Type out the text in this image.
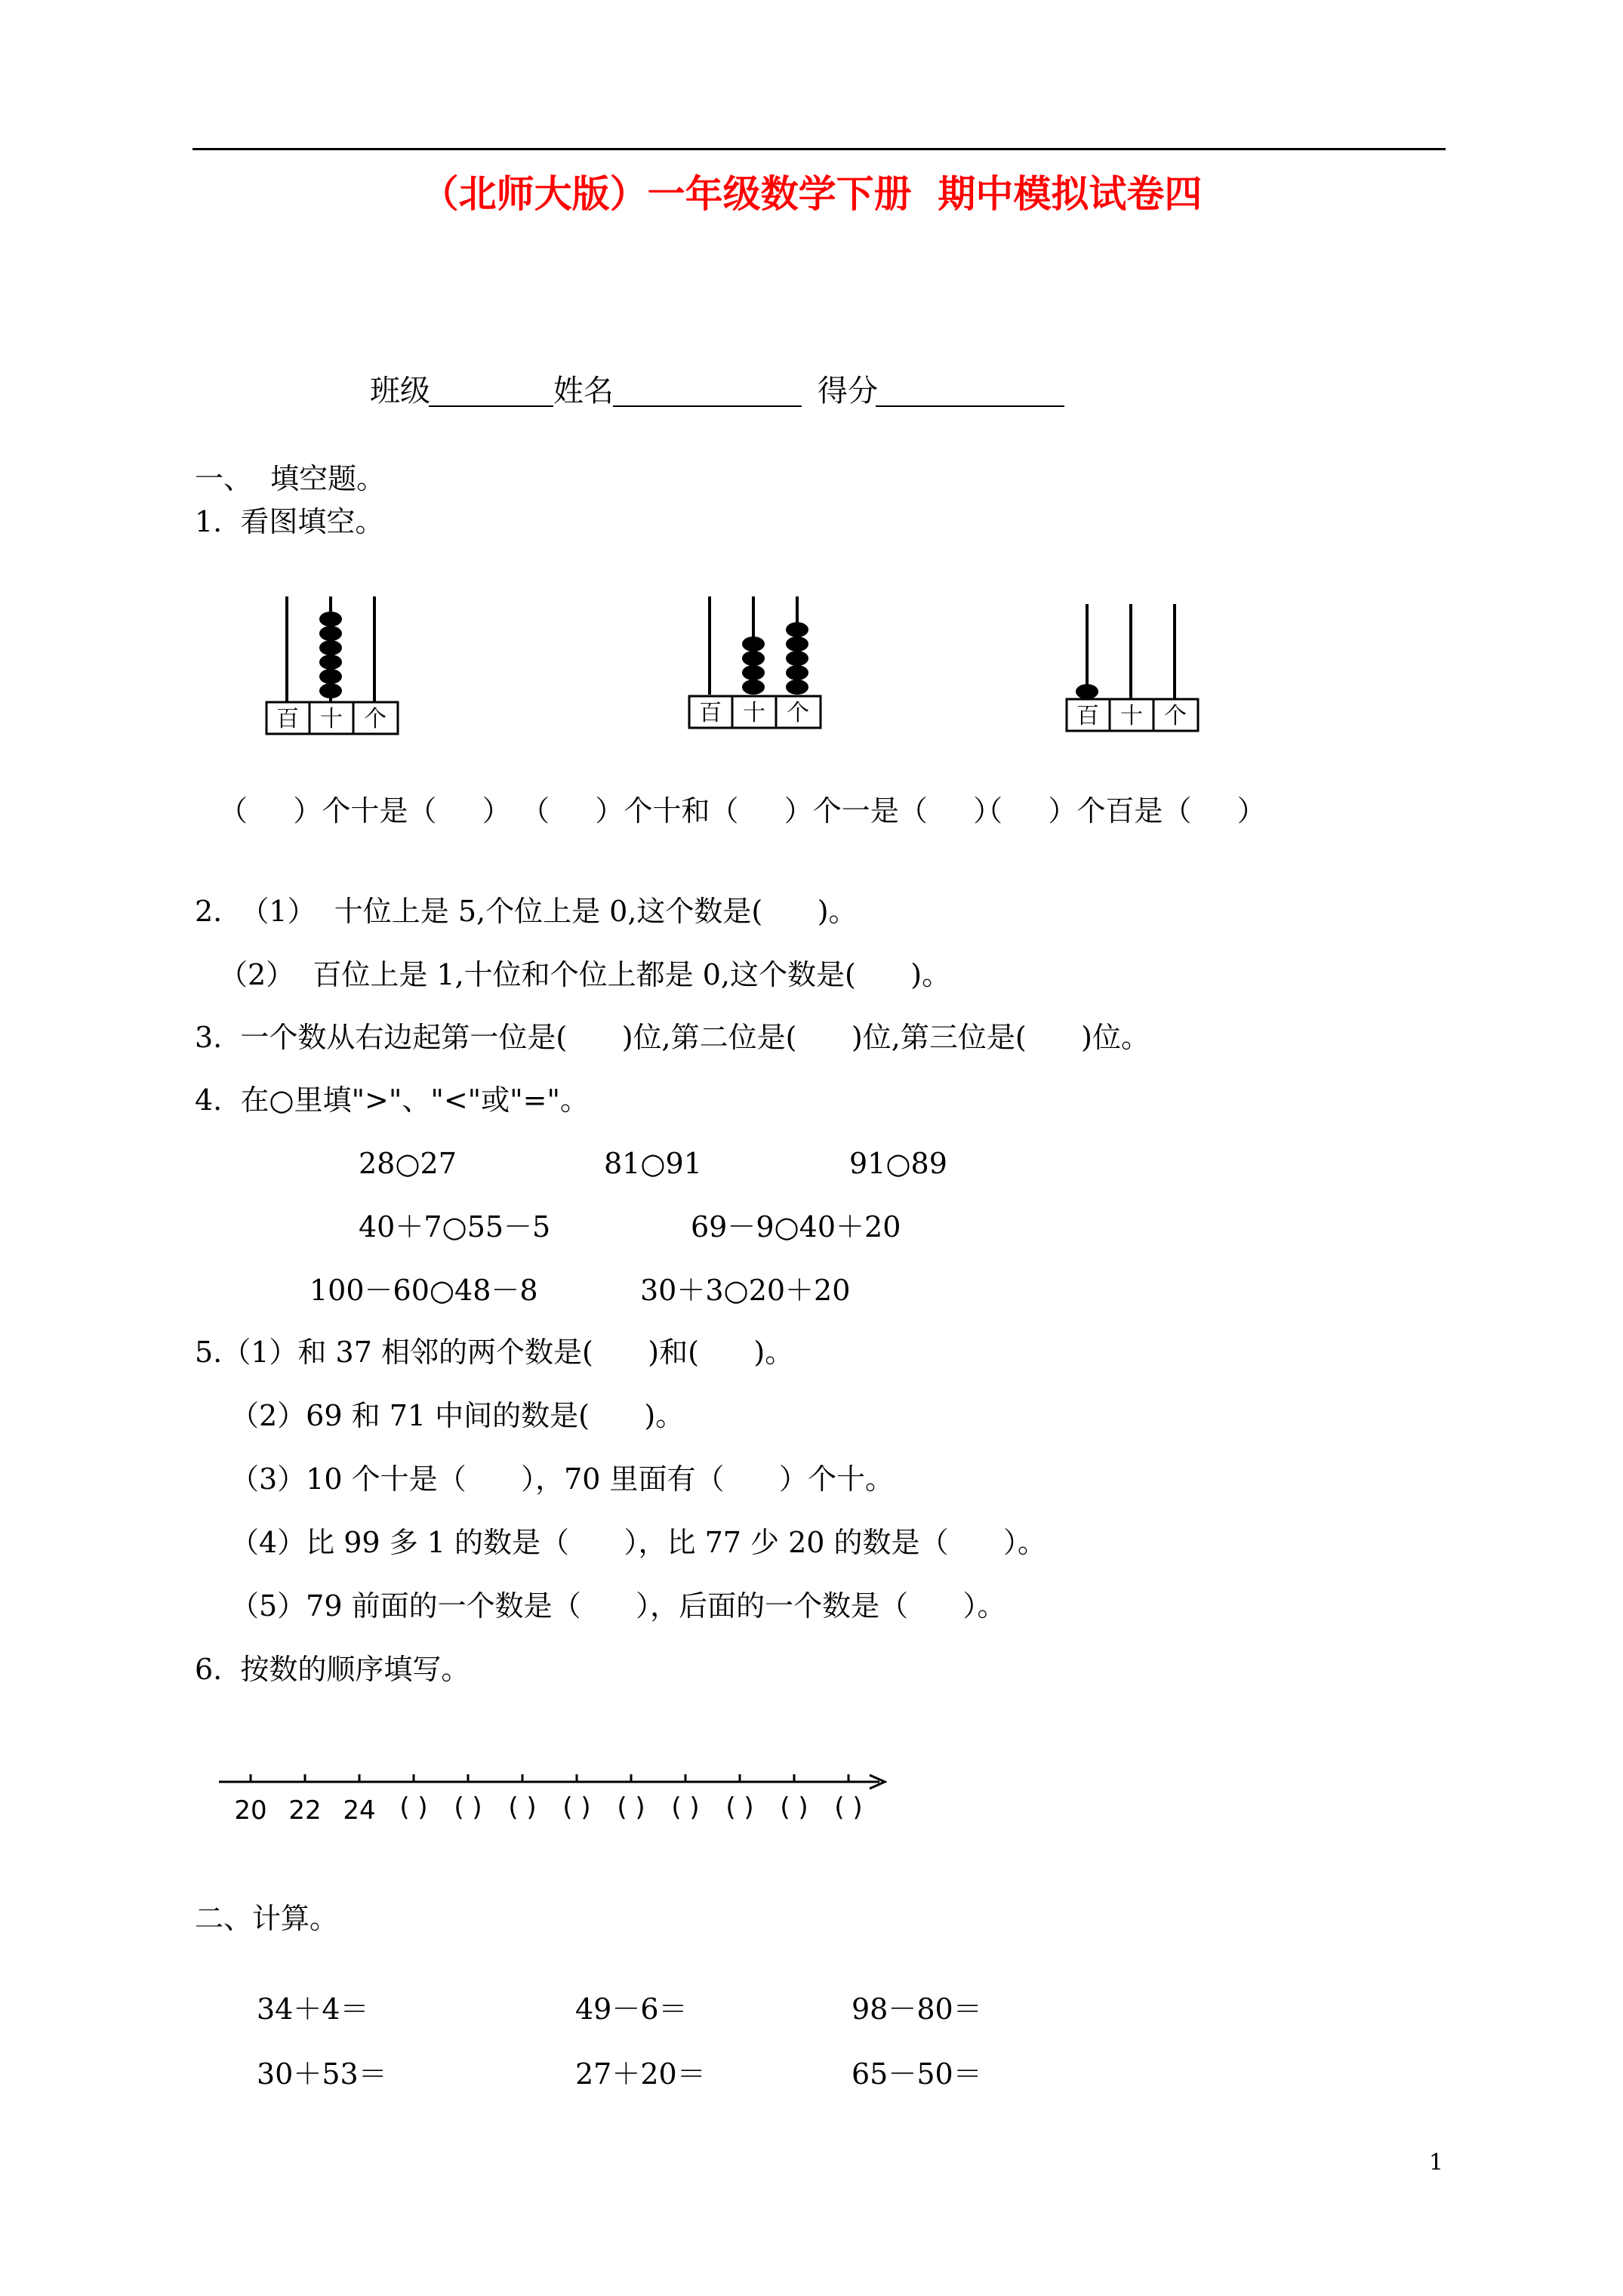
（北师大版）一年级数学下册  期中模拟试卷四
班级	姓名	得分
一、  填空题。
1.  看图填空。
百 十 个	百 十 个	百 十 个
（     ）个十是（     ） （     ）个十和（     ）个一是（     ）
（     ）个百是（     ）
2.  （1）  十位上是 5,个位上是 0,这个数是(      )。
（2）  百位上是 1,十位和个位上都是 0,这个数是(      )。
3.  一个数从右边起第一位是(      )位,第二位是(      )位,第三位是(      )位。
4.  在○里填">"、"<"或"="。
28○27	81○91	91○89
40＋7○55－5	69－9○40＋20
100－60○48－8	30＋3○20＋20
5.（1）和 37 相邻的两个数是(      )和(      )。
（2）69 和 71 中间的数是(      )。
（3）10 个十是（      ），70 里面有（      ）个十。
（4）比 99 多 1 的数是（      ），比 77 少 20 的数是（      ）。
（5）79 前面的一个数是（      ），后面的一个数是（      ）。
6.  按数的顺序填写。
20 22 24 ( ) ( ) ( ) ( ) ( ) ( ) ( ) ( ) ( )
二、计算。
34＋4＝	49－6＝	98－80＝
30＋53＝	27＋20＝	65－50＝
1
